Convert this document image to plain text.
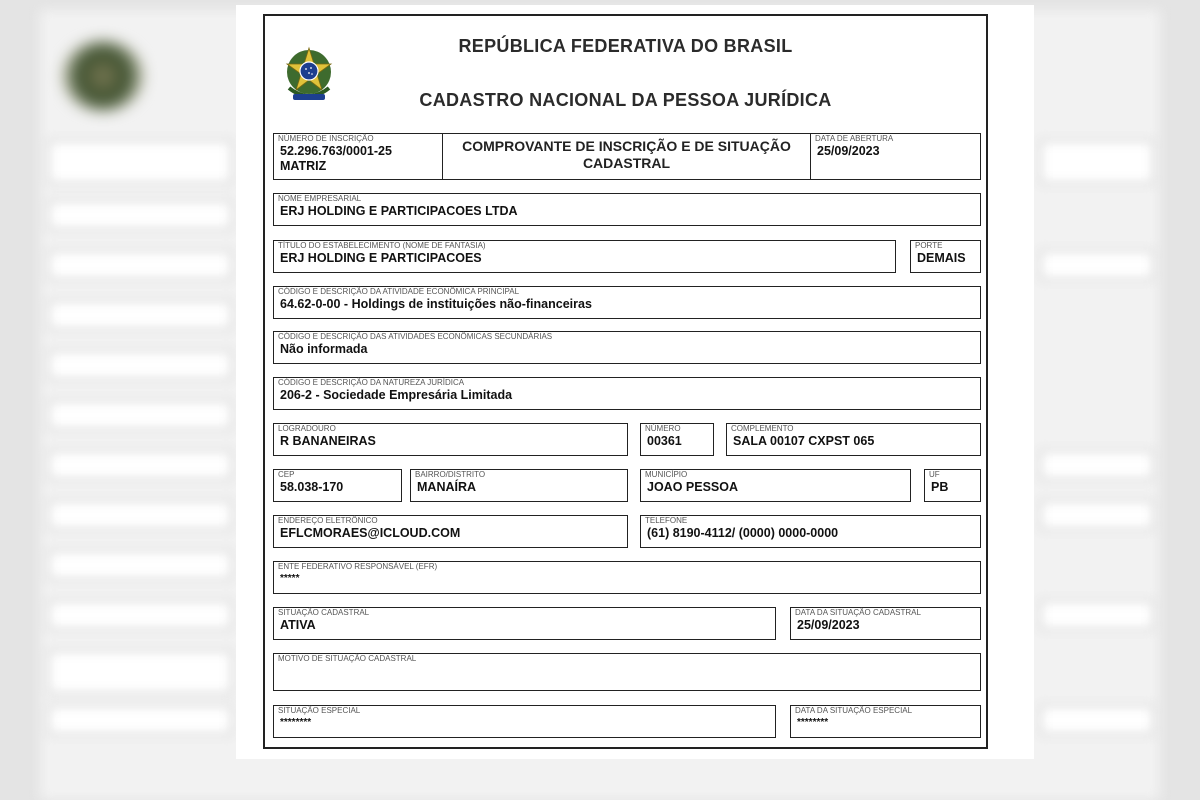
REPÚBLICA FEDERATIVA DO BRASIL
CADASTRO NACIONAL DA PESSOA JURÍDICA
NÚMERO DE INSCRIÇÃO
52.296.763/0001-25
MATRIZ
COMPROVANTE DE INSCRIÇÃO E DE SITUAÇÃO
CADASTRAL
DATA DE ABERTURA
25/09/2023
NOME EMPRESARIAL
ERJ HOLDING E PARTICIPACOES LTDA
TÍTULO DO ESTABELECIMENTO (NOME DE FANTASIA)
ERJ HOLDING E PARTICIPACOES
PORTE
DEMAIS
CÓDIGO E DESCRIÇÃO DA ATIVIDADE ECONÔMICA PRINCIPAL
64.62-0-00 - Holdings de instituições não-financeiras
CÓDIGO E DESCRIÇÃO DAS ATIVIDADES ECONÔMICAS SECUNDÁRIAS
Não informada
CÓDIGO E DESCRIÇÃO DA NATUREZA JURÍDICA
206-2 - Sociedade Empresária Limitada
LOGRADOURO
R BANANEIRAS
NÚMERO
00361
COMPLEMENTO
SALA 00107 CXPST 065
CEP
58.038-170
BAIRRO/DISTRITO
MANAÍRA
MUNICÍPIO
JOAO PESSOA
UF
PB
ENDEREÇO ELETRÔNICO
EFLCMORAES@ICLOUD.COM
TELEFONE
(61) 8190-4112/ (0000) 0000-0000
ENTE FEDERATIVO RESPONSÁVEL (EFR)
*****
SITUAÇÃO CADASTRAL
ATIVA
DATA DA SITUAÇÃO CADASTRAL
25/09/2023
MOTIVO DE SITUAÇÃO CADASTRAL
SITUAÇÃO ESPECIAL
********
DATA DA SITUAÇÃO ESPECIAL
********
